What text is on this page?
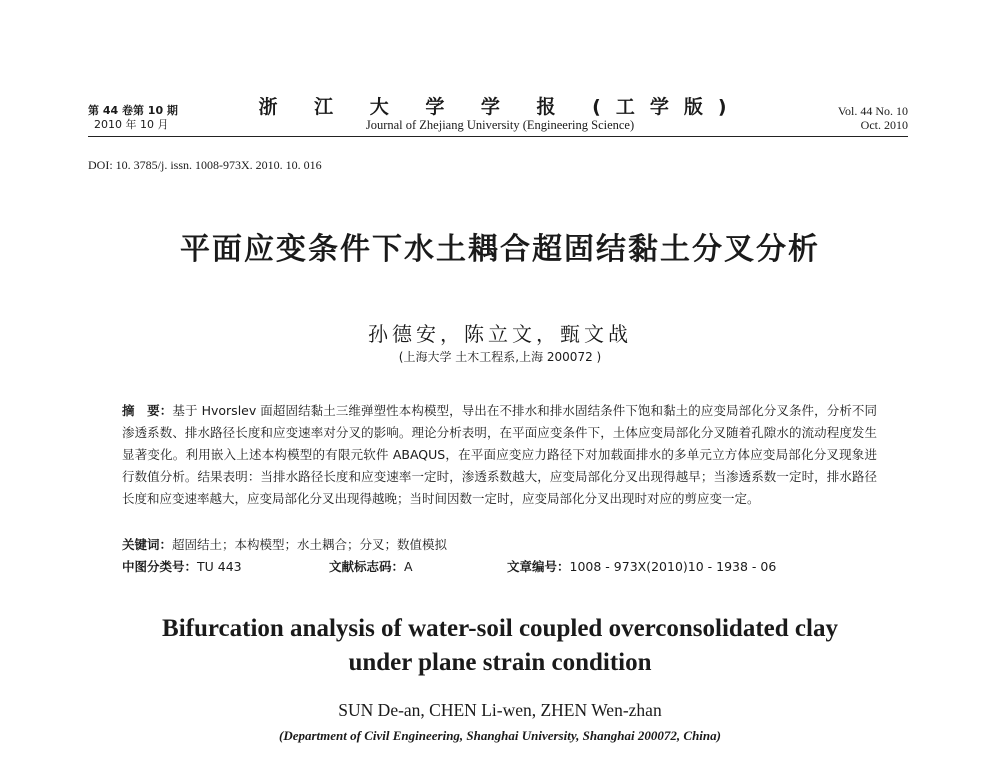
第 44 卷第 10 期
2010 年 10 月
浙 江 大 学 学 报 (工学版)
Journal of Zhejiang University (Engineering Science)
Vol. 44 No. 10
Oct. 2010
DOI: 10. 3785/j. issn. 1008-973X. 2010. 10. 016
平面应变条件下水土耦合超固结黏土分叉分析
孙德安，陈立文，甄文战
(上海大学 土木工程系,上海 200072 )
摘　要：基于 Hvorslev 面超固结黏土三维弹塑性本构模型，导出在不排水和排水固结条件下饱和黏土的应变局部化分叉条件，分析不同渗透系数、排水路径长度和应变速率对分叉的影响。理论分析表明，在平面应变条件下，土体应变局部化分叉随着孔隙水的流动程度发生显著变化。利用嵌入上述本构模型的有限元软件 ABAQUS，在平面应变应力路径下对加载面排水的多单元立方体应变局部化分叉现象进行数值分析。结果表明：当排水路径长度和应变速率一定时，渗透系数越大，应变局部化分叉出现得越早；当渗透系数一定时，排水路径长度和应变速率越大，应变局部化分叉出现得越晚；当时间因数一定时，应变局部化分叉出现时对应的剪应变一定。
关键词：超固结土；本构模型；水土耦合；分叉；数值模拟
中图分类号：TU 443	文献标志码：A	文章编号：1008 - 973X(2010)10 - 1938 - 06
Bifurcation analysis of water-soil coupled overconsolidated clay
under plane strain condition
SUN De-an, CHEN Li-wen, ZHEN Wen-zhan
(Department of Civil Engineering, Shanghai University, Shanghai 200072, China)
